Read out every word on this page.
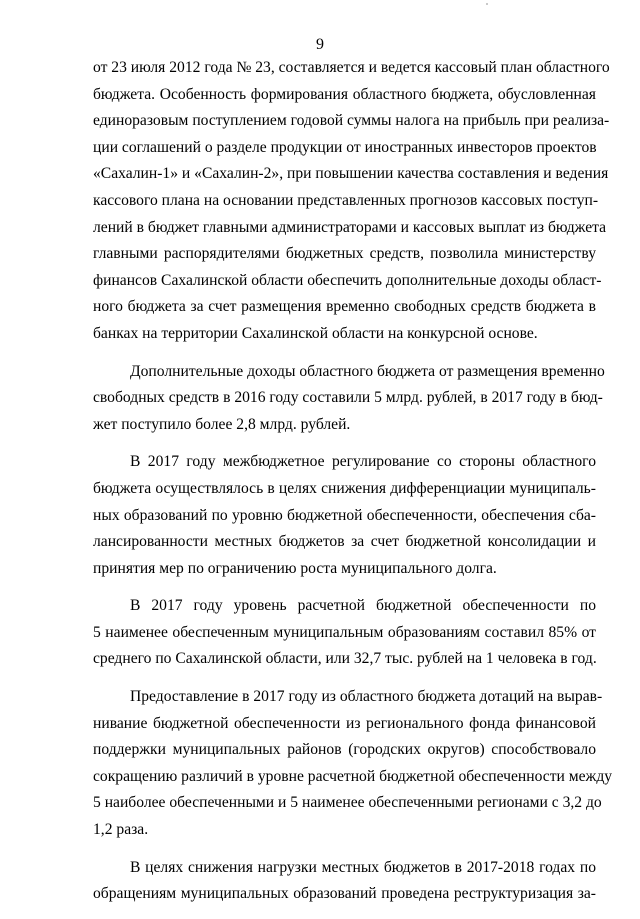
9
от 23 июля 2012 года № 23, составляется и ведется кассовый план областного
бюджета. Особенность формирования областного бюджета, обусловленная
единоразовым поступлением годовой суммы налога на прибыль при реализа-
ции соглашений о разделе продукции от иностранных инвесторов проектов
«Сахалин-1» и «Сахалин-2», при повышении качества составления и ведения
кассового плана на основании представленных прогнозов кассовых поступ-
лений в бюджет главными администраторами и кассовых выплат из бюджета
главными распорядителями бюджетных средств, позволила министерству
финансов Сахалинской области обеспечить дополнительные доходы област-
ного бюджета за счет размещения временно свободных средств бюджета в
банках на территории Сахалинской области на конкурсной основе.
Дополнительные доходы областного бюджета от размещения временно
свободных средств в 2016 году составили 5 млрд. рублей, в 2017 году в бюд-
жет поступило более 2,8 млрд. рублей.
В 2017 году межбюджетное регулирование со стороны областного
бюджета осуществлялось в целях снижения дифференциации муниципаль-
ных образований по уровню бюджетной обеспеченности, обеспечения сба-
лансированности местных бюджетов за счет бюджетной консолидации и
принятия мер по ограничению роста муниципального долга.
В 2017 году уровень расчетной бюджетной обеспеченности по
5 наименее обеспеченным муниципальным образованиям составил 85% от
среднего по Сахалинской области, или 32,7 тыс. рублей на 1 человека в год.
Предоставление в 2017 году из областного бюджета дотаций на вырав-
нивание бюджетной обеспеченности из регионального фонда финансовой
поддержки муниципальных районов (городских округов) способствовало
сокращению различий в уровне расчетной бюджетной обеспеченности между
5 наиболее обеспеченными и 5 наименее обеспеченными регионами с 3,2 до
1,2 раза.
В целях снижения нагрузки местных бюджетов в 2017-2018 годах по
обращениям муниципальных образований проведена реструктуризация за-
